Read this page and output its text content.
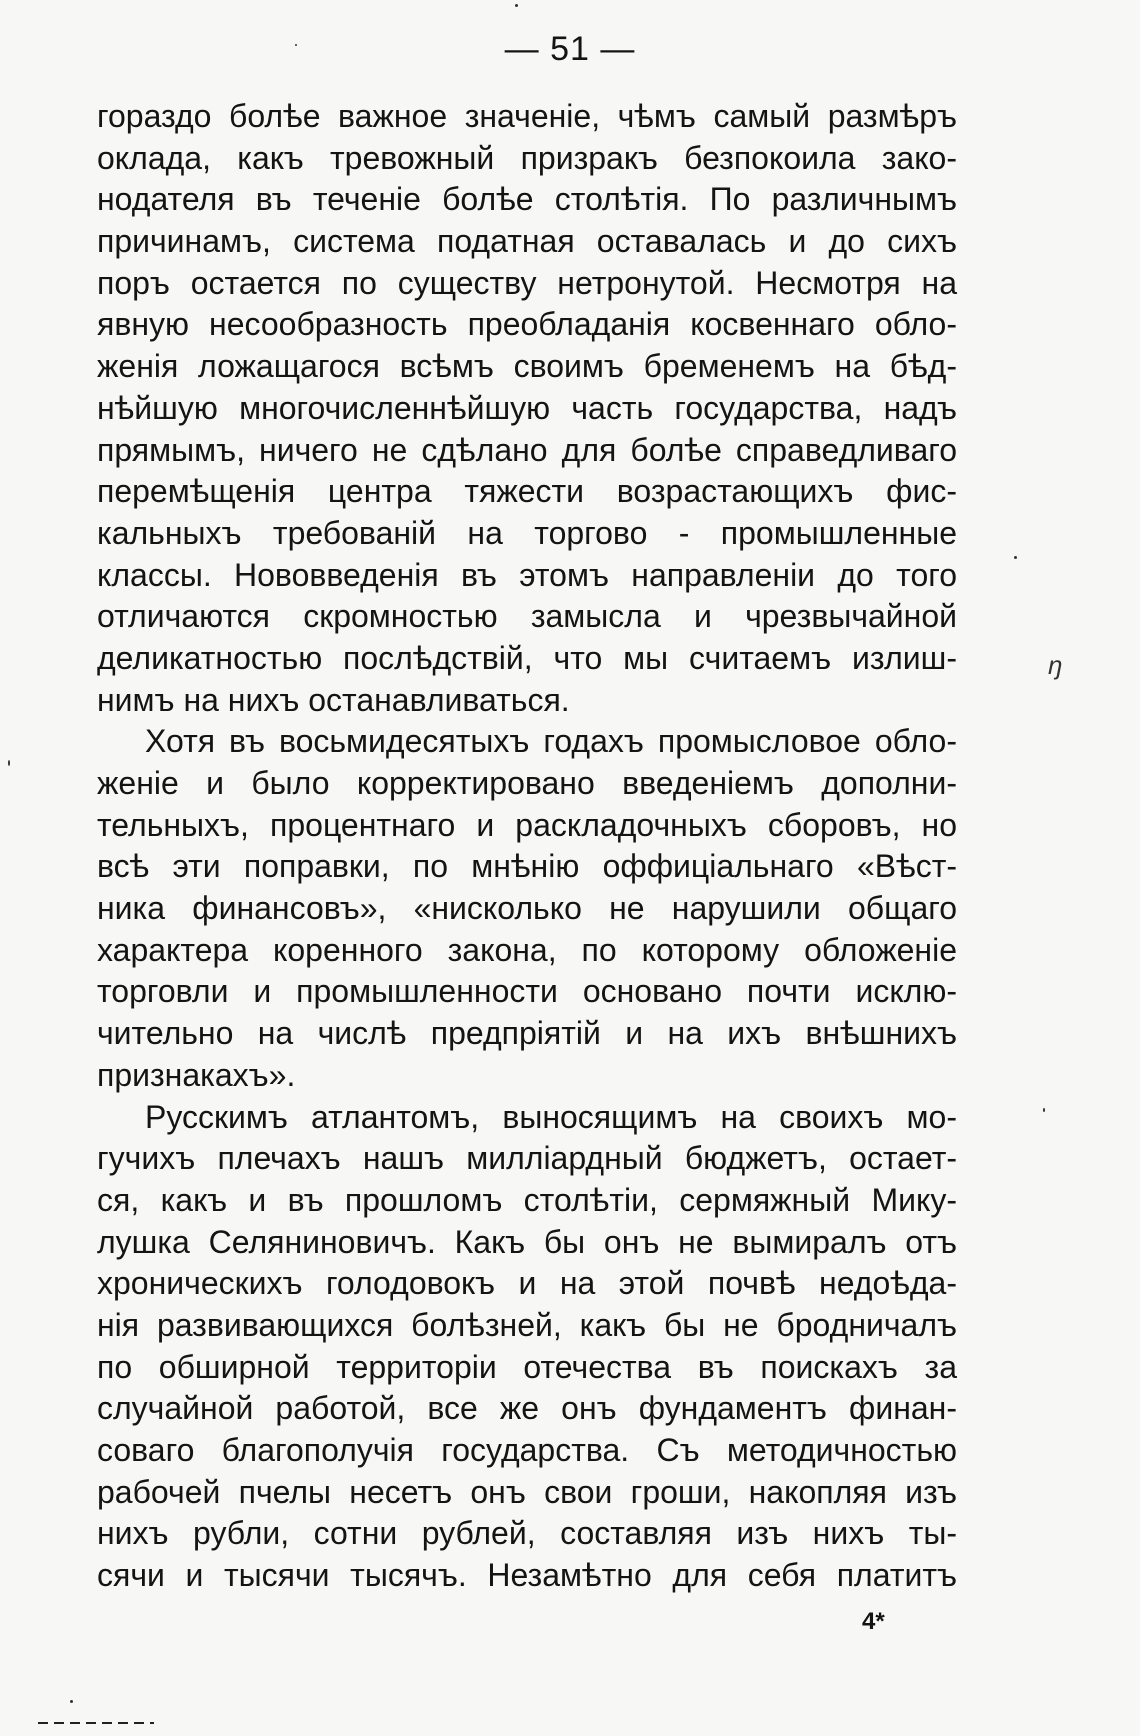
— 51 —
гораздо болѣе важное значеніе, чѣмъ самый размѣръ
оклада, какъ тревожный призракъ безпокоила зако-
нодателя въ теченіе болѣе столѣтія. По различнымъ
причинамъ, система податная оставалась и до сихъ
поръ остается по существу нетронутой. Несмотря на
явную несообразность преобладанія косвеннаго обло-
женія ложащагося всѣмъ своимъ бременемъ на бѣд-
нѣйшую многочисленнѣйшую часть государства, надъ
прямымъ, ничего не сдѣлано для болѣе справедливаго
перемѣщенія центра тяжести возрастающихъ фис-
кальныхъ требованій на торгово - промышленные
классы. Нововведенія въ этомъ направленіи до того
отличаются скромностью замысла и чрезвычайной
деликатностью послѣдствій, что мы считаемъ излиш-
нимъ на нихъ останавливаться.
Хотя въ восьмидесятыхъ годахъ промысловое обло-
женіе и было корректировано введеніемъ дополни-
тельныхъ, процентнаго и раскладочныхъ сборовъ, но
всѣ эти поправки, по мнѣнію оффиціальнаго «Вѣст-
ника финансовъ», «нисколько не нарушили общаго
характера коренного закона, по которому обложеніе
торговли и промышленности основано почти исклю-
чительно на числѣ предпріятій и на ихъ внѣшнихъ
признакахъ».
Русскимъ атлантомъ, выносящимъ на своихъ мо-
гучихъ плечахъ нашъ милліардный бюджетъ, остает-
ся, какъ и въ прошломъ столѣтіи, сермяжный Мику-
лушка Селяниновичъ. Какъ бы онъ не вымиралъ отъ
хроническихъ голодовокъ и на этой почвѣ недоѣда-
нія развивающихся болѣзней, какъ бы не бродничалъ
по обширной территоріи отечества въ поискахъ за
случайной работой, все же онъ фундаментъ финан-
соваго благополучія государства. Съ методичностью
рабочей пчелы несетъ онъ свои гроши, накопляя изъ
нихъ рубли, сотни рублей, составляя изъ нихъ ты-
сячи и тысячи тысячъ. Незамѣтно для себя платитъ
4*
ŋ
